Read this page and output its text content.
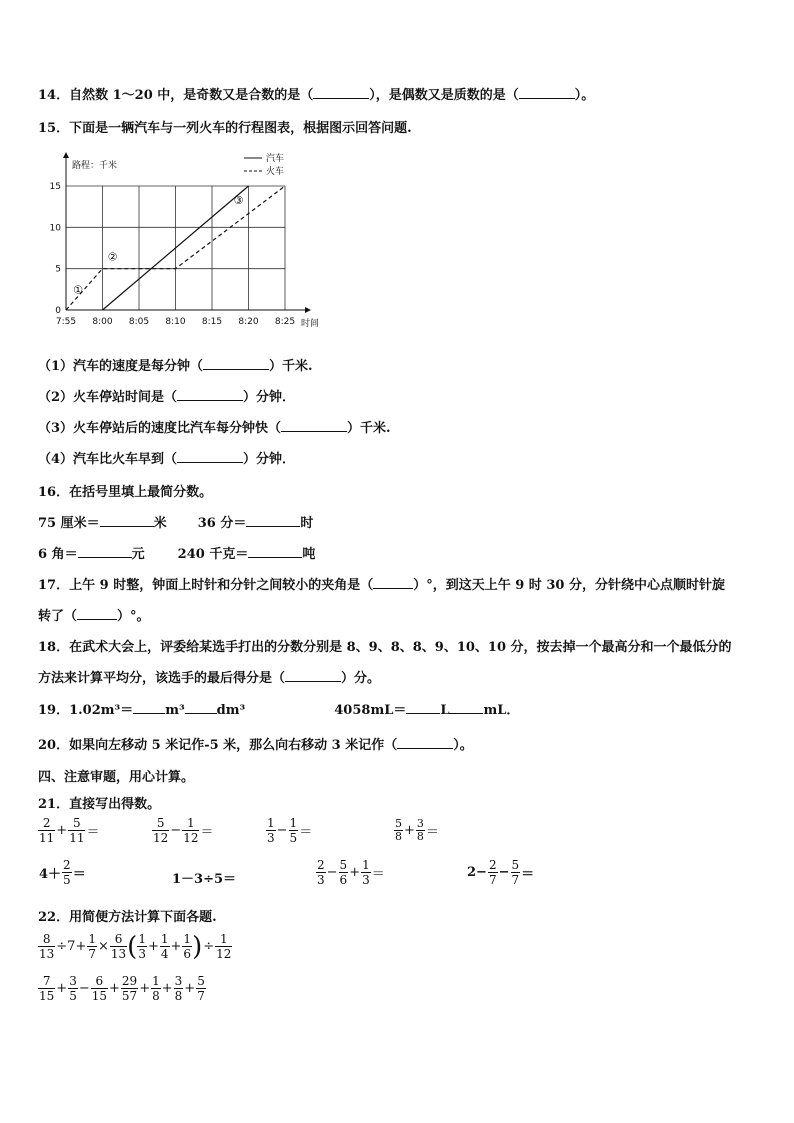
14．自然数 1～20 中，是奇数又是合数的是（	），是偶数又是质数的是（	）。
15．下面是一辆汽车与一列火车的行程图表，根据图示回答问题.
7:55 8:00 8:05 8:10 8:15 8:20 8:25
0
5
10
15
路程：千米
时间
汽车
火车
①
②
③
（1）汽车的速度是每分钟（	）千米.
（2）火车停站时间是（	）分钟．
（3）火车停站后的速度比汽车每分钟快（	）千米.
（4）汽车比火车早到（	）分钟．
16．在括号里填上最简分数。
75 厘米＝	米 36 分＝	时
6 角＝	元	240 千克＝	吨
17．上午 9 时整，钟面上时针和分针之间较小的夹角是（	）°，到这天上午 9 时 30 分，分针绕中心点顺时针旋
转了（	）°。
18．在武术大会上，评委给某选手打出的分数分别是 8、9、8、8、9、10、10 分，按去掉一个最高分和一个最低分的
方法来计算平均分，该选手的最后得分是（	）分。
19．1.02m³＝ m³ dm³	4058mL＝	L	mL．
20．如果向左移动 5 米记作-5 米，那么向右移动 3 米记作（	）。
四、注意审题，用心计算。
21．直接写出得数。
$\frac{2}{11} + \frac{5}{11}$ ＝	$\frac{5}{12} - \frac{1}{12}$ ＝	$\frac{1}{3} - \frac{1}{5}$ ＝	$\frac{5}{8} + \frac{3}{8}$ ＝
$4+ \frac{2}{5}$ ＝	1－3÷5＝	$\frac{2}{3} - \frac{5}{6} + \frac{1}{3}$ ＝	$2- \frac{2}{7} - \frac{5}{7}$ ＝
22．用简便方法计算下面各题.
$\frac{8}{13} \div 7+ \frac{1}{7} \times \frac{6}{13}$ ( $\frac{1}{3} + \frac{1}{4} + \frac{1}{6}$ )÷ $\frac{1}{12}$
$\frac{7}{15} + \frac{3}{5} - \frac{6}{15} + \frac{29}{57} + \frac{1}{8} + \frac{3}{8} + \frac{5}{7}$
